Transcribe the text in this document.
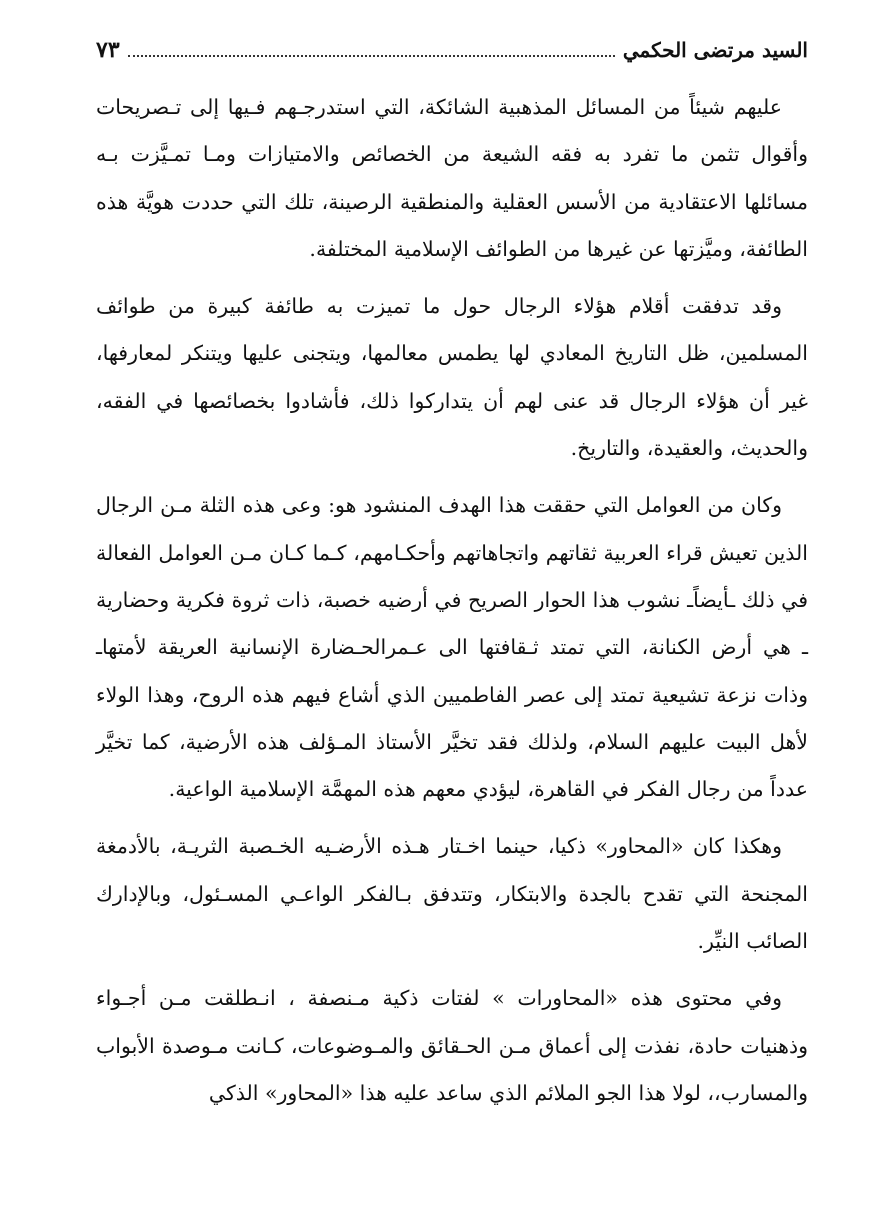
السيد مرتضى الحكمي
٧٣

عليهم شيئاً من المسائل المذهبية الشائكة، التي استدرجـهم فـيها إلى تـصريحات وأقوال تثمن ما تفرد به فقه الشيعة من الخصائص والامتيازات ومـا تمـيَّزت بـه مسائلها الاعتقادية من الأسس العقلية والمنطقية الرصينة، تلك التي حددت هويَّة هذه الطائفة، وميَّزتها عن غيرها من الطوائف الإسلامية المختلفة.

وقد تدفقت أقلام هؤلاء الرجال حول ما تميزت به طائفة كبيرة من طوائف المسلمين، ظل التاريخ المعادي لها يطمس معالمها، ويتجنى عليها ويتنكر لمعارفها، غير أن هؤلاء الرجال قد عنى لهم أن يتداركوا ذلك، فأشادوا بخصائصها في الفقه، والحديث، والعقيدة، والتاريخ.

وكان من العوامل التي حققت هذا الهدف المنشود هو: وعى هذه الثلة مـن الرجال الذين تعيش قراء العربية ثقاتهم واتجاهاتهم وأحكـامهم، كـما كـان مـن العوامل الفعالة في ذلك ـأيضاًـ نشوب هذا الحوار الصريح في أرضيه خصبة، ذات ثروة فكرية وحضارية ـ هي أرض الكنانة، التي تمتد ثـقافتها الى عـمرالحـضارة الإنسانية العريقة لأمتهاـ وذات نزعة تشيعية تمتد إلى عصر الفاطميين الذي أشاع فيهم هذه الروح، وهذا الولاء لأهل البيت عليهم السلام، ولذلك فقد تخيَّر الأستاذ المـؤلف هذه الأرضية، كما تخيَّر عدداً من رجال الفكر في القاهرة، ليؤدي معهم هذه المهمَّة الإسلامية الواعية.

وهكذا كان «المحاور» ذكيا، حينما اخـتار هـذه الأرضـيه الخـصبة الثريـة، بالأدمغة المجنحة التي تقدح بالجدة والابتكار، وتتدفق بـالفكر الواعـي المسـئول، وبالإدارك الصائب النيِّر.

وفي محتوى هذه «المحاورات » لفتات ذكية مـنصفة ، انـطلقت مـن أجـواء وذهنيات حادة، نفذت إلى أعماق مـن الحـقائق والمـوضوعات، كـانت مـوصدة الأبواب والمسارب،، لولا هذا الجو الملائم الذي ساعد عليه هذا «المحاور» الذكي
